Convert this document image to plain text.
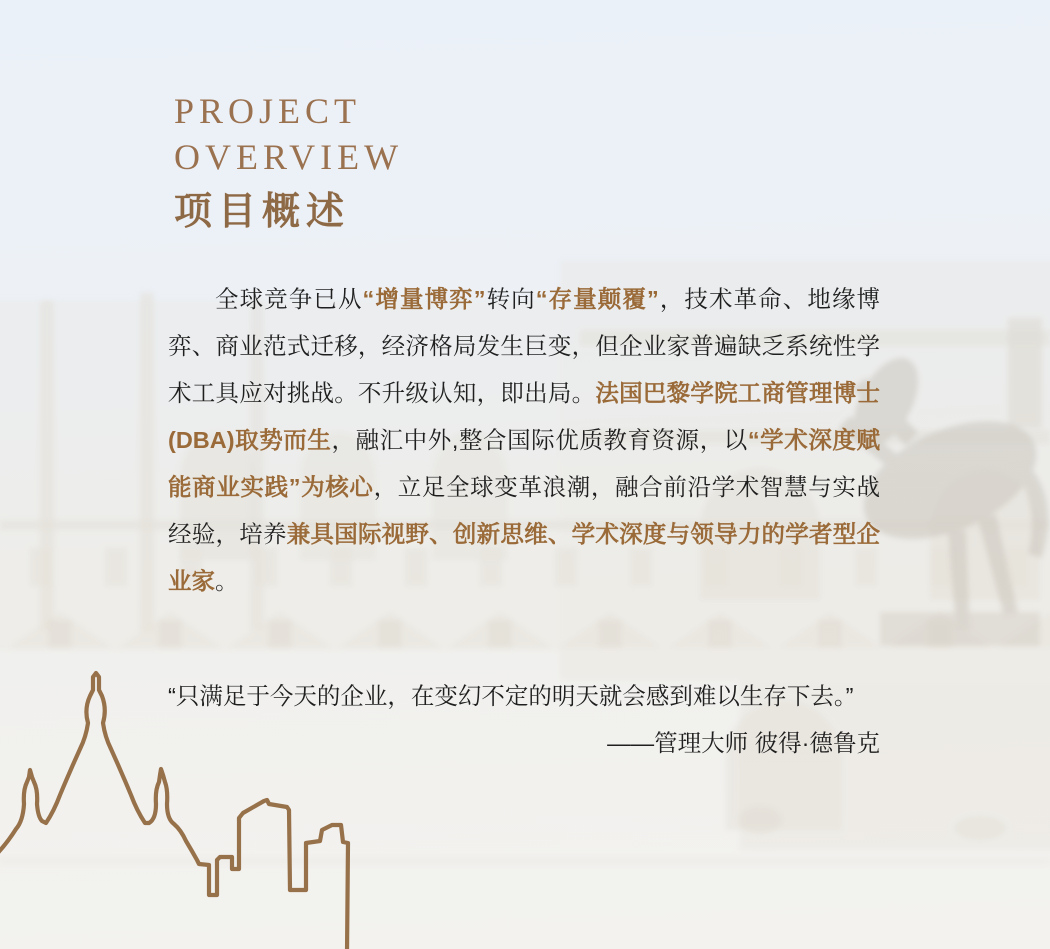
PROJECT
OVERVIEW
项目概述

全球竞争已从“增量博弈”转向“存量颠覆”，技术革命、地缘博弈、商业范式迁移，经济格局发生巨变，但企业家普遍缺乏系统性学术工具应对挑战。不升级认知，即出局。法国巴黎学院工商管理博士(DBA)取势而生，融汇中外,整合国际优质教育资源，以“学术深度赋能商业实践”为核心，立足全球变革浪潮，融合前沿学术智慧与实战经验，培养兼具国际视野、创新思维、学术深度与领导力的学者型企业家。

“只满足于今天的企业，在变幻不定的明天就会感到难以生存下去。”

——管理大师 彼得·德鲁克
